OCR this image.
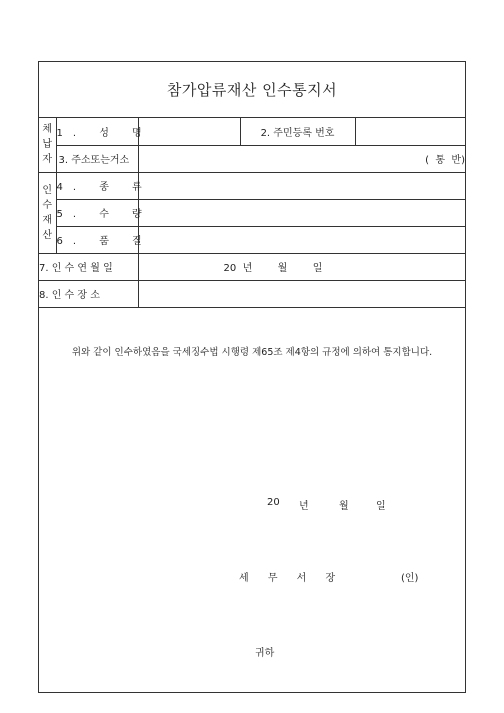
참가압류재산 인수통지서
체
납
자	1. 성 명		2. 주민등록 번호	
	3. 주소또는거소	(  통  반)		

인
수
재
산	4. 종 류			
	5. 수 량			
	6. 품 질			
7. 인 수 연 월 일		20  년        월        일		
8. 인 수 장 소				
위와 같이 인수하였음을 국세징수법 시행령 제65조 제4항의 규정에 의하여 통지합니다.
20 년	월	일
세 무 서 장	(인)
귀하
